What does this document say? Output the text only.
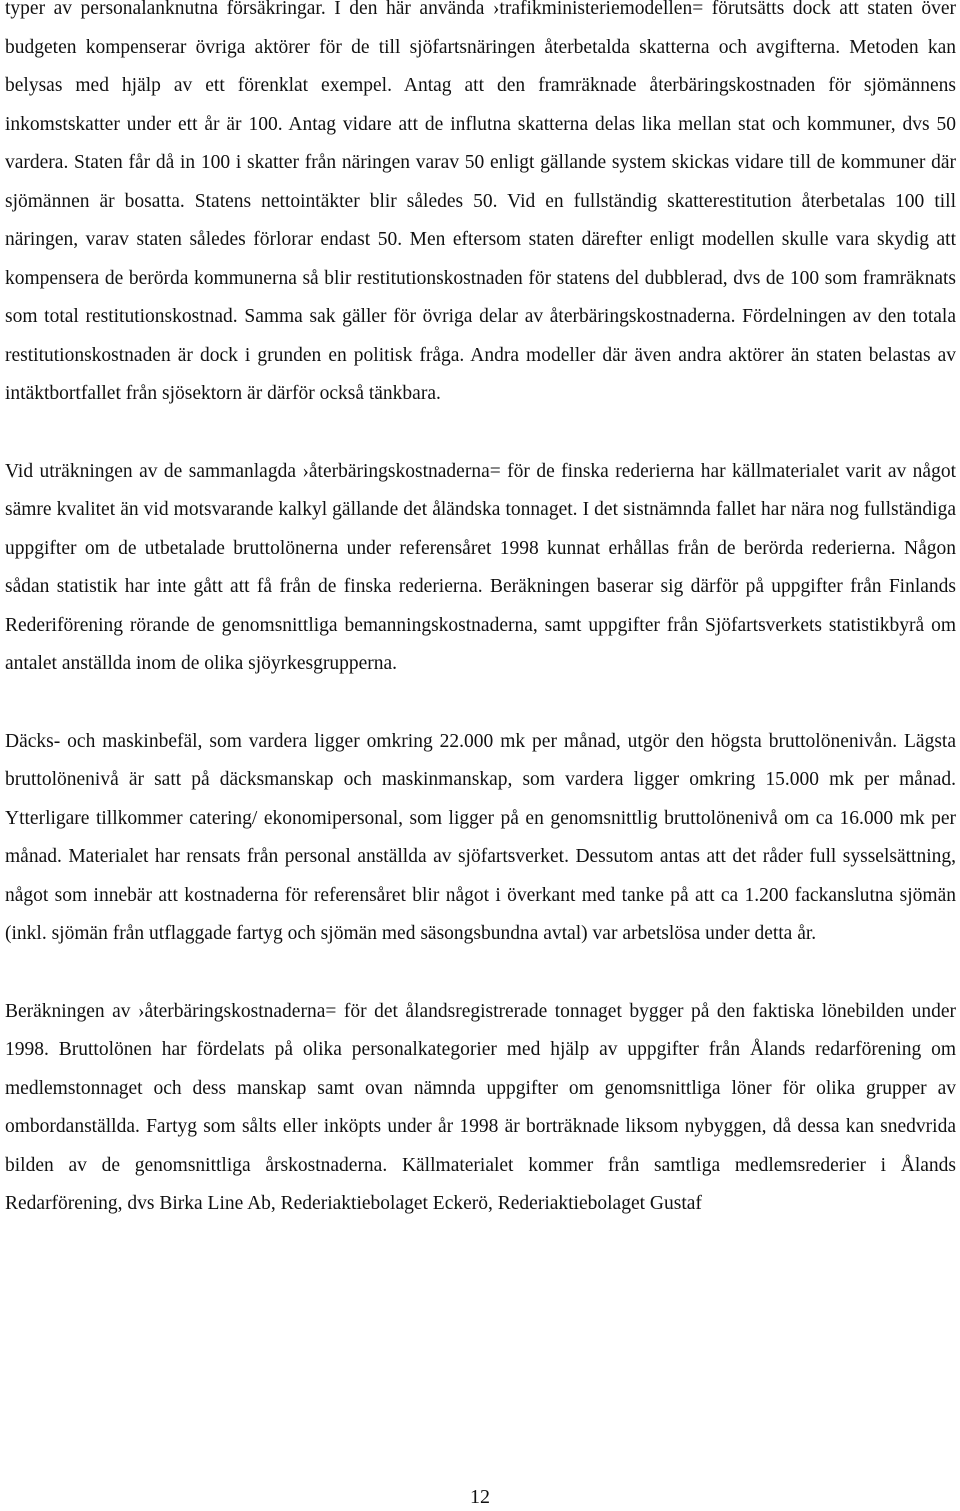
typer av personalanknutna försäkringar. I den här använda ›trafikministeriemodellen= förutsätts dock att staten över budgeten kompenserar övriga aktörer för de till sjöfartsnäringen återbetalda skatterna och avgifterna. Metoden kan belysas med hjälp av ett förenklat exempel. Antag att den framräknade återbäringskostnaden för sjömännens inkomstskatter under ett år är 100. Antag vidare att de influtna skatterna delas lika mellan stat och kommuner, dvs 50 vardera. Staten får då in 100 i skatter från näringen varav 50 enligt gällande system skickas vidare till de kommuner där sjömännen är bosatta. Statens nettointäkter blir således 50. Vid en fullständig skatterestitution återbetalas 100 till näringen, varav staten således förlorar endast 50. Men eftersom staten därefter enligt modellen skulle vara skydig att kompensera de berörda kommunerna så blir restitutionskostnaden för statens del dubblerad, dvs de 100 som framräknats som total restitutionskostnad. Samma sak gäller för övriga delar av återbäringskostnaderna. Fördelningen av den totala restitutionskostnaden är dock i grunden en politisk fråga. Andra modeller där även andra aktörer än staten belastas av intäktbortfallet från sjösektorn är därför också tänkbara.

Vid uträkningen av de sammanlagda ›återbäringskostnaderna= för de finska rederierna har källmaterialet varit av något sämre kvalitet än vid motsvarande kalkyl gällande det åländska tonnaget. I det sistnämnda fallet har nära nog fullständiga uppgifter om de utbetalade bruttolönerna under referensåret 1998 kunnat erhållas från de berörda rederierna. Någon sådan statistik har inte gått att få från de finska rederierna. Beräkningen baserar sig därför på uppgifter från Finlands Rederiförening rörande de genomsnittliga bemanningskostnaderna, samt uppgifter från Sjöfartsverkets statistikbyrå om antalet anställda inom de olika sjöyrkesgrupperna.

Däcks- och maskinbefäl, som vardera ligger omkring 22.000 mk per månad, utgör den högsta bruttolönenivån. Lägsta bruttolönenivå är satt på däcksmanskap och maskinmanskap, som vardera ligger omkring 15.000 mk per månad. Ytterligare tillkommer catering/ ekonomipersonal, som ligger på en genomsnittlig bruttolönenivå om ca 16.000 mk per månad. Materialet har rensats från personal anställda av sjöfartsverket. Dessutom antas att det råder full sysselsättning, något som innebär att kostnaderna för referensåret blir något i överkant med tanke på att ca 1.200 fackanslutna sjömän (inkl. sjömän från utflaggade fartyg och sjömän med säsongsbundna avtal) var arbetslösa under detta år.

Beräkningen av ›återbäringskostnaderna= för det ålandsregistrerade tonnaget bygger på den faktiska lönebilden under 1998. Bruttolönen har fördelats på olika personalkategorier med hjälp av uppgifter från Ålands redarförening om medlemstonnaget och dess manskap samt ovan nämnda uppgifter om genomsnittliga löner för olika grupper av ombordanställda. Fartyg som sålts eller inköpts under år 1998 är borträknade liksom nybyggen, då dessa kan snedvrida bilden av de genomsnittliga årskostnaderna. Källmaterialet kommer från samtliga medlemsrederier i Ålands Redarförening, dvs Birka Line Ab, Rederiaktiebolaget Eckerö, Rederiaktiebolaget Gustaf

12
